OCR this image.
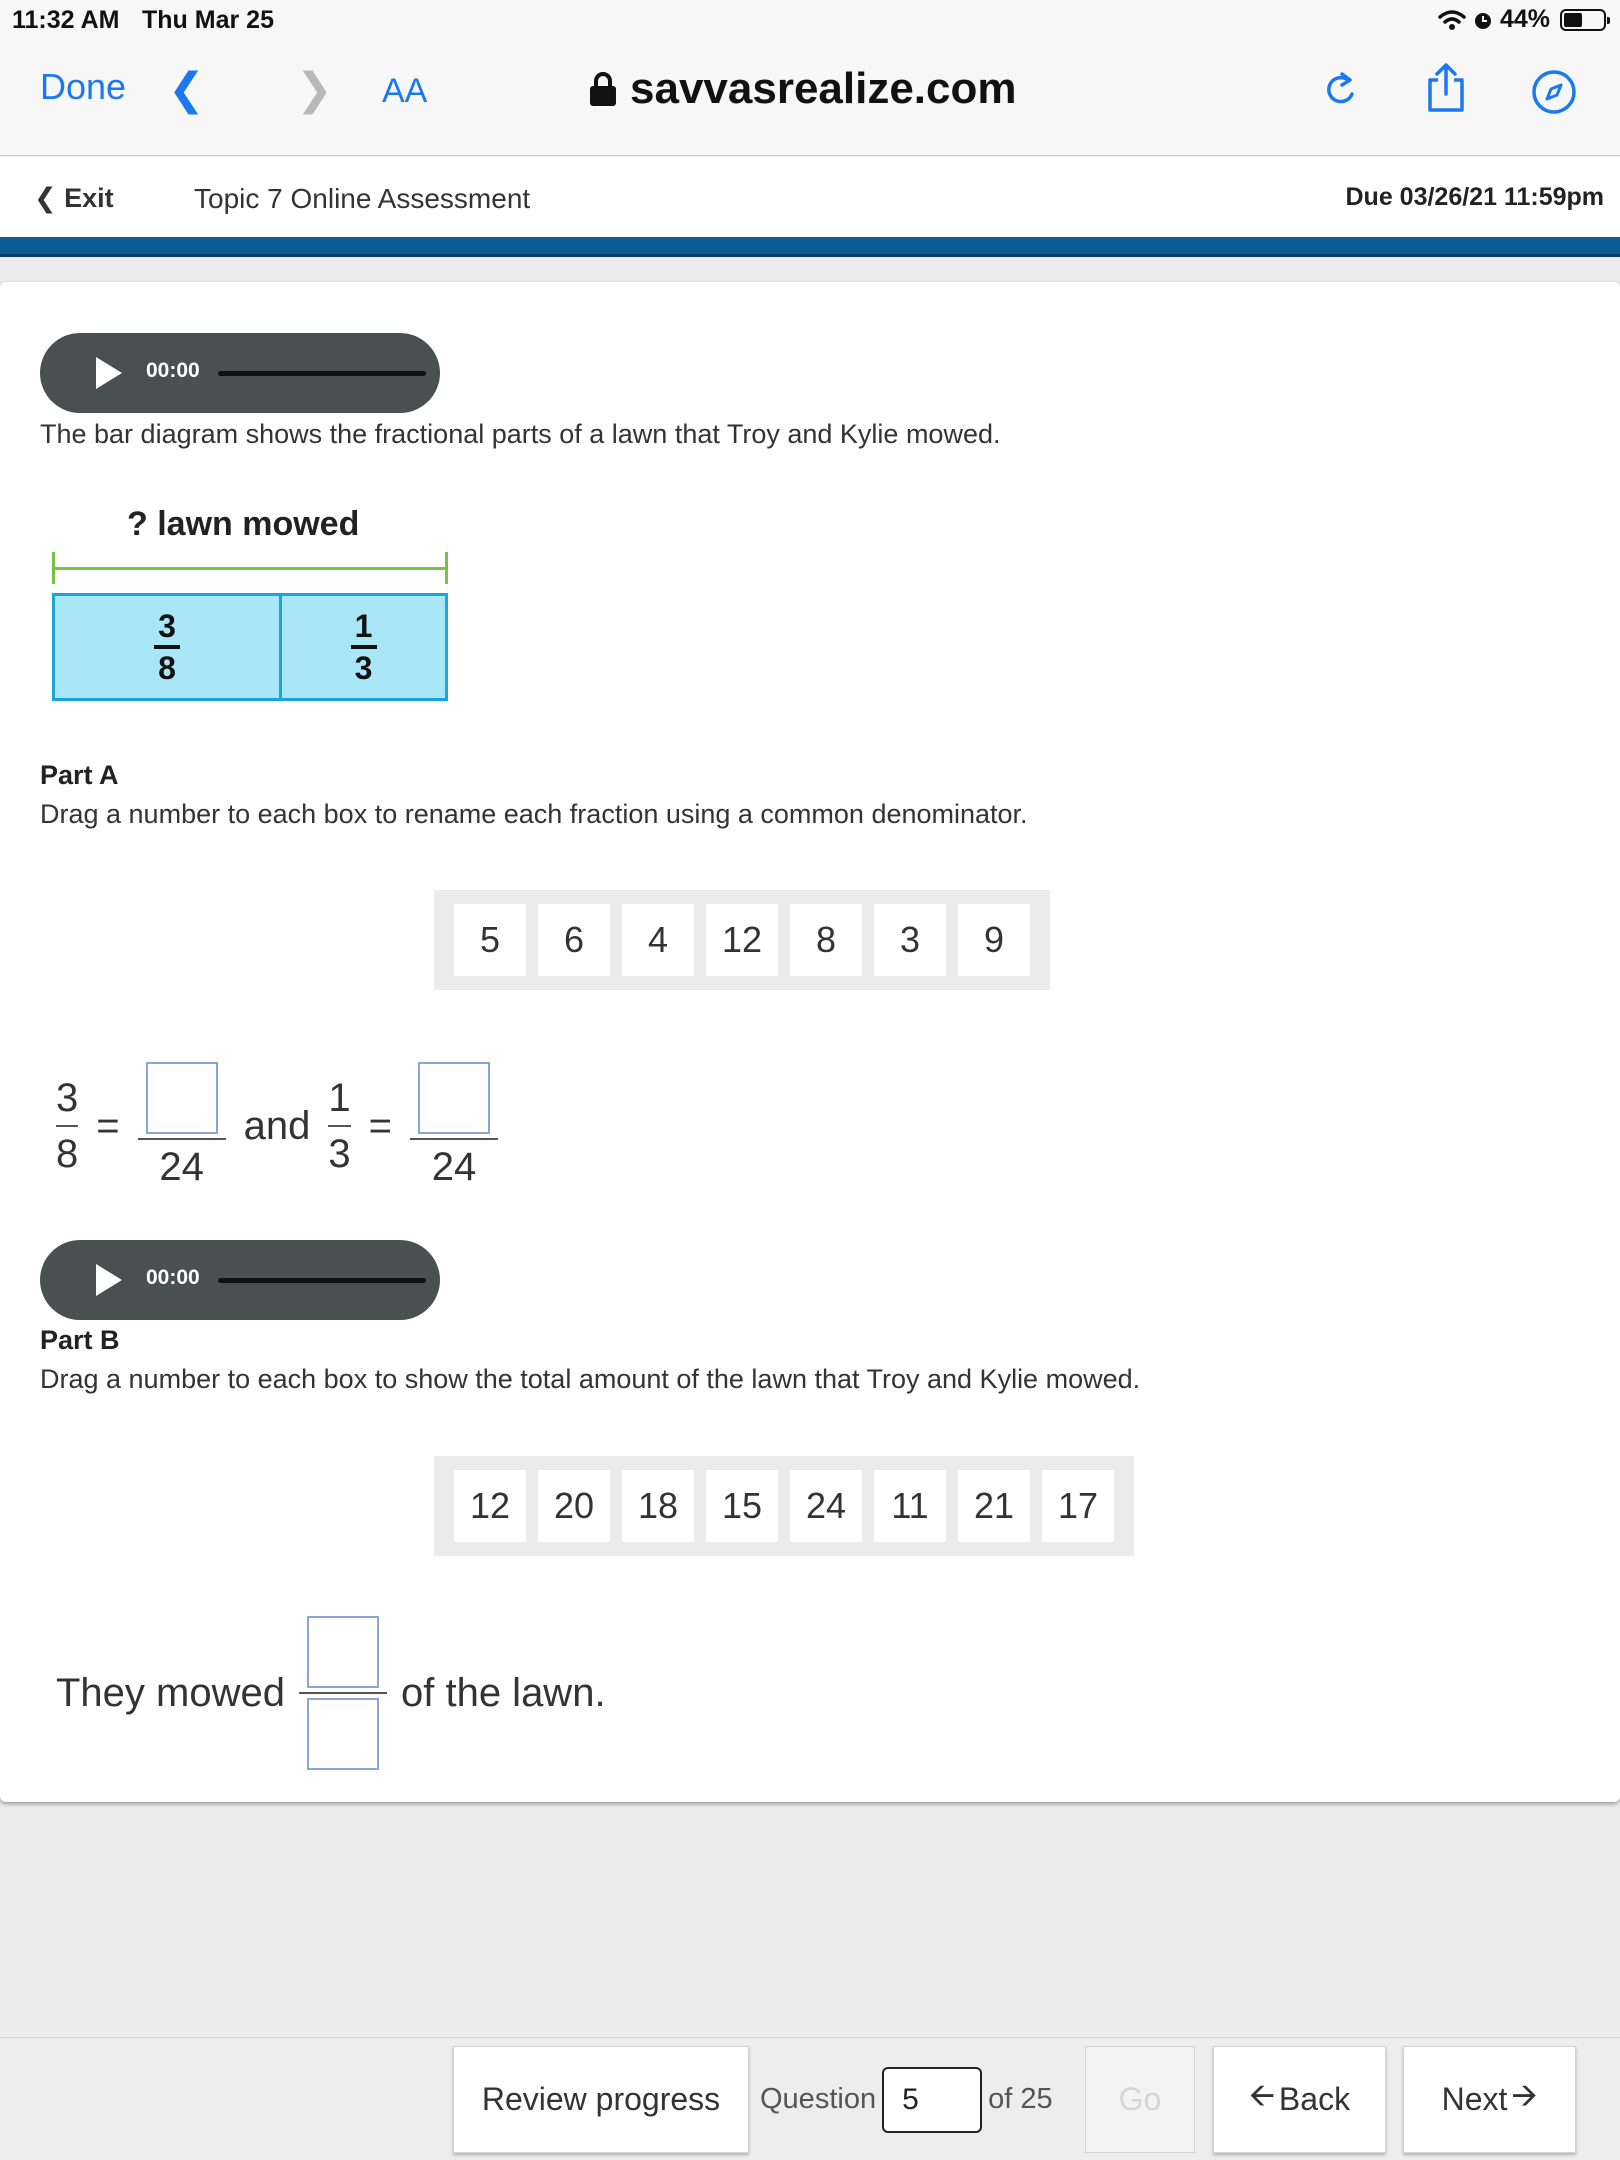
11:32 AM Thu Mar 25	44%
Done ❮ ❯ AA	savvasrealize.com
❮ Exit	Topic 7 Online Assessment	Due 03/26/21 11:59pm
00:00

The bar diagram shows the fractional parts of a lawn that Troy and Kylie mowed.

? lawn mowed
3
8
1
3

Part A

Drag a number to each box to rename each fraction using a common denominator.

5	6	4	12	8	3	9
$\frac{3}{8}$ =
24
and $\frac{1}{3}$ =
24
00:00

Part B

Drag a number to each box to show the total amount of the lawn that Troy and Kylie mowed.

12	20	18	15	24	11	21	17
They mowed	of the lawn.
Review progress	Question
5	of 25	Go	🡨 Back	Next 🡪
